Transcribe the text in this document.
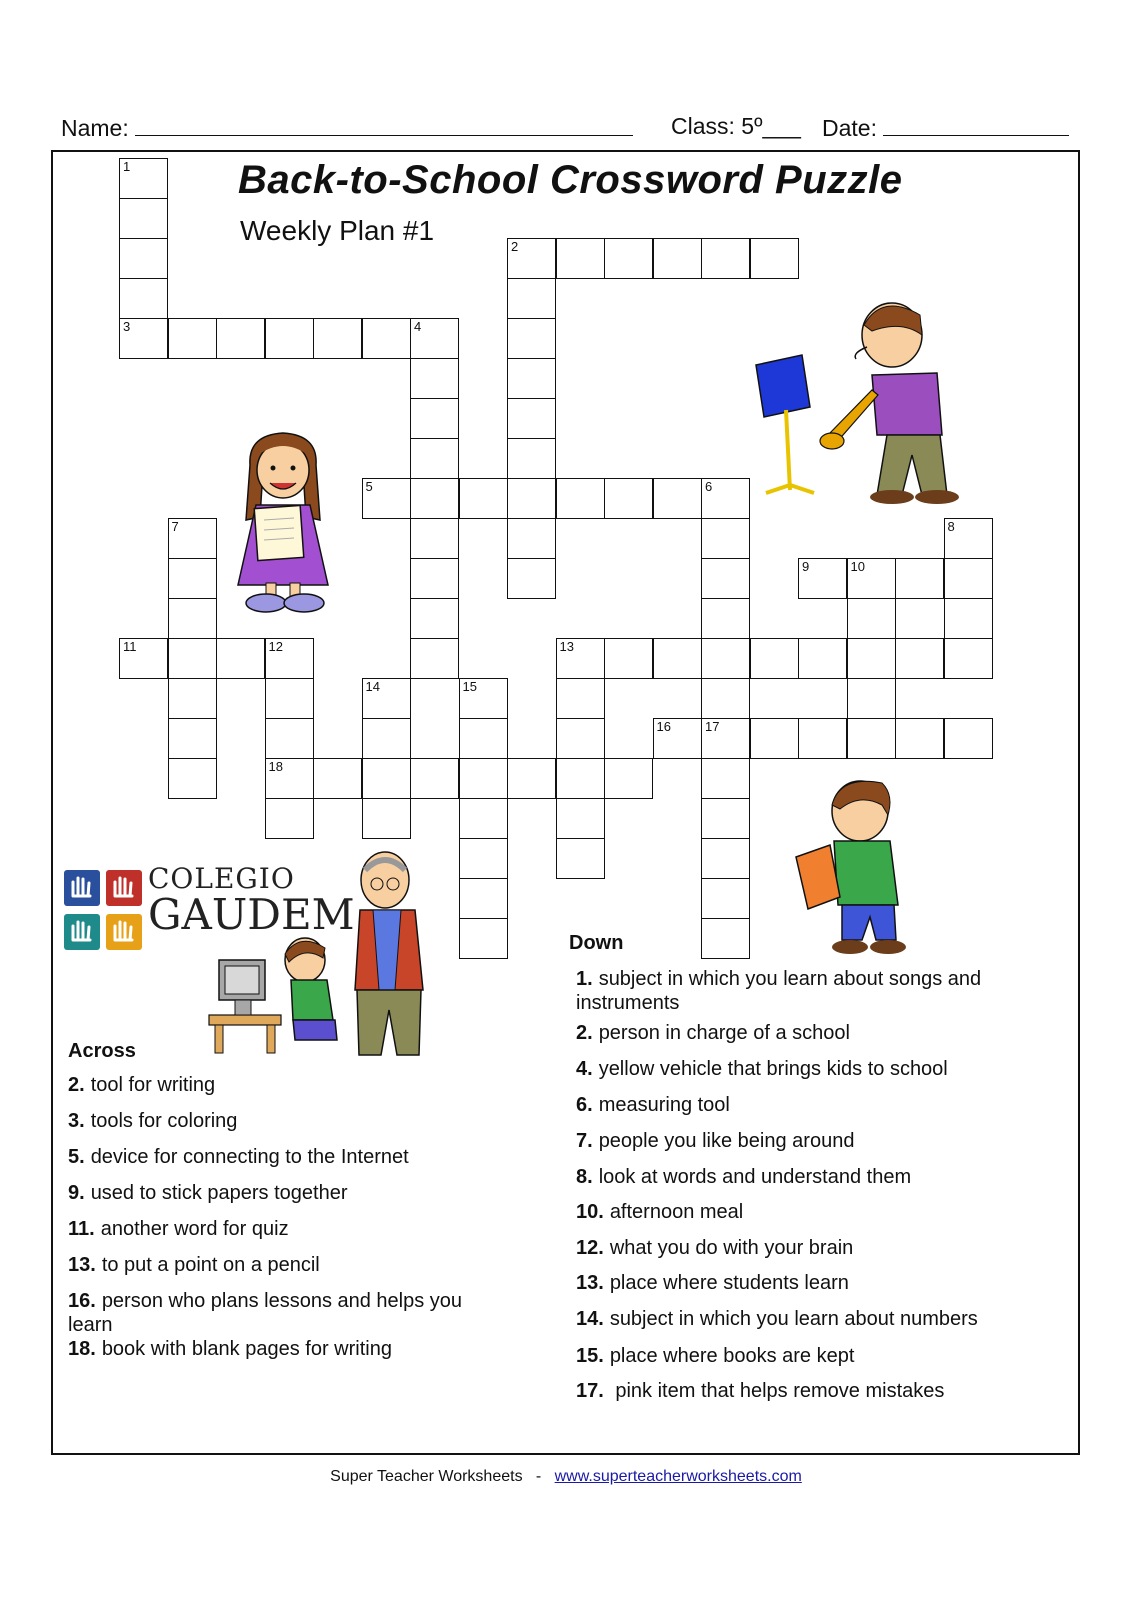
Name:	Class: 5º___ Date:
Back-to-School Crossword Puzzle
Weekly Plan #1
1
3
2
4
5	6
17
7	8
9	10
11	12
18
13
14	15
16
COLEGIO
GAUDEM
Across
2. tool for writing
3. tools for coloring
5. device for connecting to the Internet
9. used to stick papers together
11. another word for quiz
13. to put a point on a pencil
16. person who plans lessons and helps you learn
18. book with blank pages for writing
Down
1. subject in which you learn about songs and instruments
2. person in charge of a school
4. yellow vehicle that brings kids to school
6. measuring tool
7. people you like being around
8. look at words and understand them
10. afternoon meal
12. what you do with your brain
13. place where students learn
14. subject in which you learn about numbers
15. place where books are kept
17. pink item that helps remove mistakes
Super Teacher Worksheets - www.superteacherworksheets.com
